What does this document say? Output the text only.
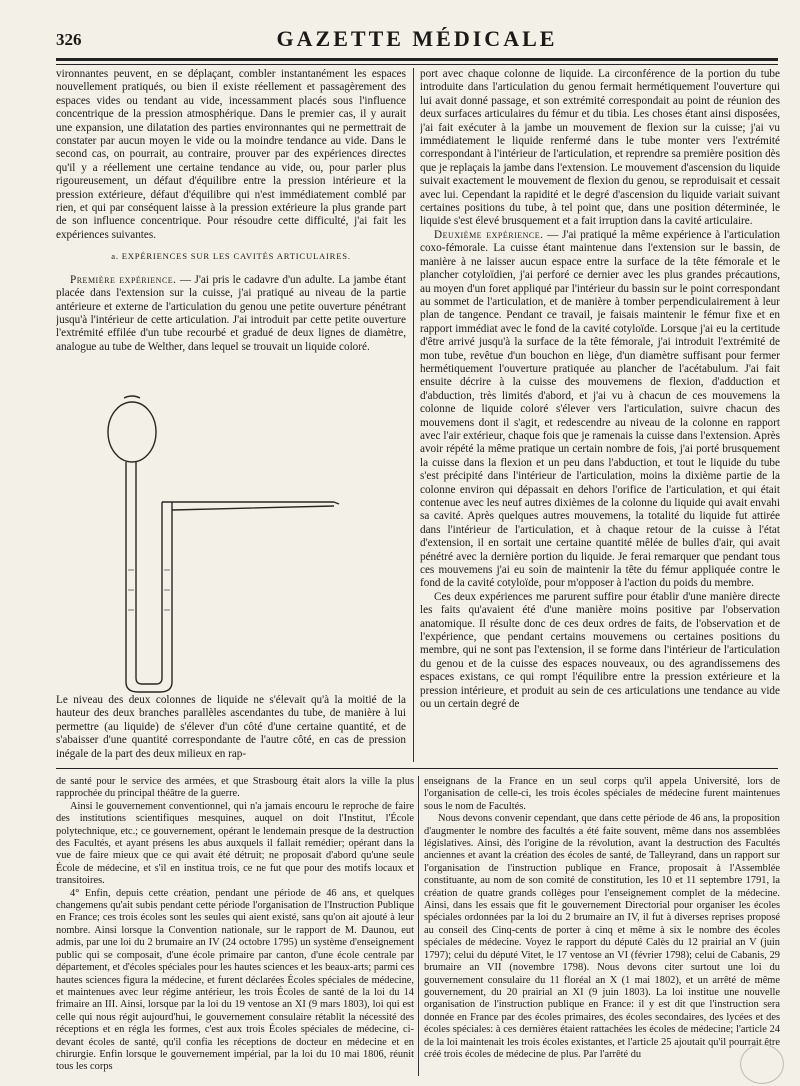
326	GAZETTE MÉDICALE

vironnantes peuvent, en se déplaçant, combler instantanément les espaces nouvellement pratiqués, ou bien il existe réellement et passagèrement des espaces vides ou tendant au vide, incessamment placés sous l'influence concentrique de la pression atmosphérique. Dans le premier cas, il y aurait une expansion, une dilatation des parties environnantes qui ne permettrait de constater par aucun moyen le vide ou la moindre tendance au vide. Dans le second cas, on pourrait, au contraire, prouver par des expériences directes qu'il y a réellement une certaine tendance au vide, ou, pour parler plus rigoureusement, un défaut d'équilibre entre la pression intérieure et la pression extérieure, défaut d'équilibre qui n'est immédiatement comblé par rien, et qui par conséquent laisse à la pression extérieure la plus grande part de son influence concentrique. Pour résoudre cette difficulté, j'ai fait les expériences suivantes.

a. EXPÉRIENCES SUR LES CAVITÉS ARTICULAIRES.

Première expérience. — J'ai pris le cadavre d'un adulte. La jambe étant placée dans l'extension sur la cuisse, j'ai pratiqué au niveau de la partie antérieure et externe de l'articulation du genou une petite ouverture pénétrant jusqu'à l'intérieur de cette articulation. J'ai introduit par cette petite ouverture l'extrémité effilée d'un tube recourbé et gradué de deux lignes de diamètre, analogue au tube de Welther, dans lequel se trouvait un liquide coloré.

Le niveau des deux colonnes de liquide ne s'élevait qu'à la moitié de la hauteur des deux branches parallèles ascendantes du tube, de manière à lui permettre (au liquide) de s'élever d'un côté d'une certaine quantité, et de s'abaisser d'une quantité correspondante de l'autre côté, en cas de pression inégale de la part des deux milieux en rap-

port avec chaque colonne de liquide. La circonférence de la portion du tube introduite dans l'articulation du genou fermait hermétiquement l'ouverture qui lui avait donné passage, et son extrémité correspondait au point de réunion des deux surfaces articulaires du fémur et du tibia. Les choses étant ainsi disposées, j'ai fait exécuter à la jambe un mouvement de flexion sur la cuisse; j'ai vu immédiatement le liquide renfermé dans le tube monter vers l'extrémité correspondant à l'intérieur de l'articulation, et reprendre sa première position dès que je replaçais la jambe dans l'extension. Le mouvement d'ascension du liquide suivait exactement le mouvement de flexion du genou, se reproduisait et cessait avec lui. Cependant la rapidité et le degré d'ascension du liquide variait suivant certaines positions du tube, à tel point que, dans une position déterminée, le liquide s'est élevé brusquement et a fait irruption dans la cavité articulaire.

Deuxième expérience. — J'ai pratiqué la même expérience à l'articulation coxo-fémorale. La cuisse étant maintenue dans l'extension sur le bassin, de manière à ne laisser aucun espace entre la surface de la tête fémorale et le plancher cotyloïdien, j'ai perforé ce dernier avec les plus grandes précautions, au moyen d'un foret appliqué par l'intérieur du bassin sur le point correspondant au sommet de l'articulation, et de manière à tomber perpendiculairement à leur plan de tangence. Pendant ce travail, je faisais maintenir le fémur fixe et en rapport immédiat avec le fond de la cavité cotyloïde. Lorsque j'ai eu la certitude d'être arrivé jusqu'à la surface de la tête fémorale, j'ai introduit l'extrémité de mon tube, revêtue d'un bouchon en liège, d'un diamètre suffisant pour fermer hermétiquement l'ouverture pratiquée au plancher de l'acétabulum. J'ai fait ensuite décrire à la cuisse des mouvemens de flexion, d'adduction et d'abduction, très limités d'abord, et j'ai vu à chacun de ces mouvemens la colonne de liquide coloré s'élever vers l'articulation, suivre chacun des mouvemens dont il s'agit, et redescendre au niveau de la colonne en rapport avec l'air extérieur, chaque fois que je ramenais la cuisse dans l'extension. Après avoir répété la même pratique un certain nombre de fois, j'ai porté brusquement la cuisse dans la flexion et un peu dans l'abduction, et tout le liquide du tube s'est précipité dans l'intérieur de l'articulation, moins la dixième partie de la colonne environ qui dépassait en dehors l'orifice de l'articulation, et qui était contenue avec les neuf autres dixièmes de la colonne du liquide qui avait envahi sa cavité. Après quelques autres mouvemens, la totalité du liquide fut attirée dans l'intérieur de l'articulation, et à chaque retour de la cuisse à l'état d'extension, il en sortait une certaine quantité mêlée de bulles d'air, qui avait pénétré avec la dernière portion du liquide. Je ferai remarquer que pendant tous ces mouvemens j'ai eu soin de maintenir la tête du fémur appliquée contre le fond de la cavité cotyloïde, pour m'opposer à l'action du poids du membre.

Ces deux expériences me parurent suffire pour établir d'une manière directe les faits qu'avaient été d'une manière moins positive par l'observation anatomique. Il résulte donc de ces deux ordres de faits, de l'observation et de l'expérience, que pendant certains mouvemens ou certaines positions du membre, qui ne sont pas l'extension, il se forme dans l'intérieur de l'articulation du genou et de la cuisse des espaces nouveaux, ou des agrandissemens des espaces existans, ce qui rompt l'équilibre entre la pression extérieure et la pression intérieure, et produit au sein de ces articulations une tendance au vide ou un certain degré de

de santé pour le service des armées, et que Strasbourg était alors la ville la plus rapprochée du principal théâtre de la guerre.

Ainsi le gouvernement conventionnel, qui n'a jamais encouru le reproche de faire des institutions scientifiques mesquines, auquel on doit l'Institut, l'École polytechnique, etc.; ce gouvernement, opérant le lendemain presque de la destruction des Facultés, et ayant présens les abus auxquels il fallait remédier; opérant dans la vue de faire mieux que ce qui avait été détruit; ne proposait d'abord qu'une seule École de médecine, et s'il en institua trois, ce ne fut que pour des motifs locaux et transitoires.

4° Enfin, depuis cette création, pendant une période de 46 ans, et quelques changemens qu'ait subis pendant cette période l'organisation de l'Instruction Publique en France; ces trois écoles sont les seules qui aient existé, sans qu'on ait ajouté à leur nombre. Ainsi lorsque la Convention nationale, sur le rapport de M. Daunou, eut admis, par une loi du 2 brumaire an IV (24 octobre 1795) un système d'enseignement public qui se composait, d'une école primaire par canton, d'une école centrale par département, et d'écoles spéciales pour les hautes sciences et les beaux-arts; parmi ces hautes sciences figura la médecine, et furent déclarées Écoles spéciales de médecine, et maintenues avec leur régime antérieur, les trois Écoles de santé de la loi du 14 frimaire an III. Ainsi, lorsque par la loi du 19 ventose an XI (9 mars 1803), loi qui est celle qui nous régit aujourd'hui, le gouvernement consulaire rétablit la nécessité des réceptions et en régla les formes, c'est aux trois Écoles spéciales de médecine, ci-devant écoles de santé, qu'il confia les réceptions de docteur en médecine et en chirurgie. Enfin lorsque le gouvernement impérial, par la loi du 10 mai 1806, réunit tous les corps

enseignans de la France en un seul corps qu'il appela Université, lors de l'organisation de celle-ci, les trois écoles spéciales de médecine furent maintenues sous le nom de Facultés.

Nous devons convenir cependant, que dans cette période de 46 ans, la proposition d'augmenter le nombre des facultés a été faite souvent, même dans nos assemblées législatives. Ainsi, dès l'origine de la révolution, avant la destruction des Facultés anciennes et avant la création des écoles de santé, de Talleyrand, dans un rapport sur l'organisation de l'instruction publique en France, proposait à l'Assemblée constituante, au nom de son comité de constitution, les 10 et 11 septembre 1791, la création de quatre grands collèges pour l'enseignement complet de la médecine. Ainsi, dans les essais que fit le gouvernement Directorial pour organiser les écoles spéciales ordonnées par la loi du 2 brumaire an IV, il fut à diverses reprises proposé au conseil des Cinq-cents de porter à cinq et même à six le nombre des écoles spéciales de médecine. Voyez le rapport du député Calès du 12 prairial an V (juin 1797); celui du député Vitet, le 17 ventose an VI (février 1798); celui de Cabanis, 29 brumaire an VII (novembre 1798). Nous devons citer surtout une loi du gouvernement consulaire du 11 floréal an X (1 mai 1802), et un arrêté de même gouvernement, du 20 prairial an XI (9 juin 1803). La loi institue une nouvelle organisation de l'instruction publique en France: il y est dit que l'instruction sera donnée en France par des écoles primaires, des écoles secondaires, des lycées et des écoles spéciales: à ces dernières étaient rattachées les écoles de médecine; l'article 24 de la loi maintenait les trois écoles existantes, et l'article 25 ajoutait qu'il pourrait être créé trois écoles de médecine de plus. Par l'arrêté du
